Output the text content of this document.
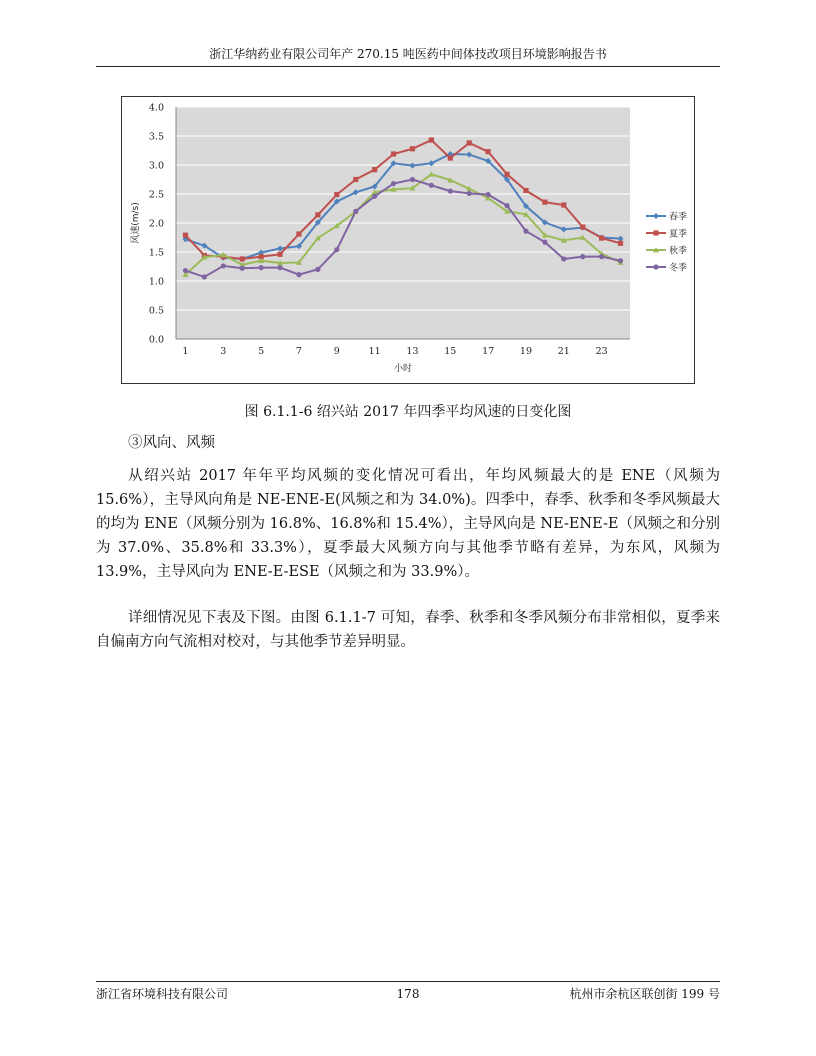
浙江华纳药业有限公司年产 270.15 吨医药中间体技改项目环境影响报告书
0.0
0.5
1.0
1.5
2.0
2.5
3.0
3.5
4.0
1	3	5	7	9	11	13	15	17	19	21	23
小时
风速(m/s)	春季
夏季
秋季
冬季
图 6.1.1-6 绍兴站 2017 年四季平均风速的日变化图
③风向、风频

从绍兴站 2017 年年平均风频的变化情况可看出，年均风频最大的是 ENE（风频为 15.6%），主导风向角是 NE-ENE-E(风频之和为 34.0%)。四季中，春季、秋季和冬季风频最大的均为 ENE（风频分别为 16.8%、16.8%和 15.4%），主导风向是 NE-ENE-E（风频之和分别为 37.0%、35.8%和 33.3%），夏季最大风频方向与其他季节略有差异，为东风，风频为 13.9%，主导风向为 ENE-E-ESE（风频之和为 33.9%）。

详细情况见下表及下图。由图 6.1.1-7 可知，春季、秋季和冬季风频分布非常相似，夏季来自偏南方向气流相对校对，与其他季节差异明显。

浙江省环境科技有限公司	178	杭州市余杭区联创街 199 号
